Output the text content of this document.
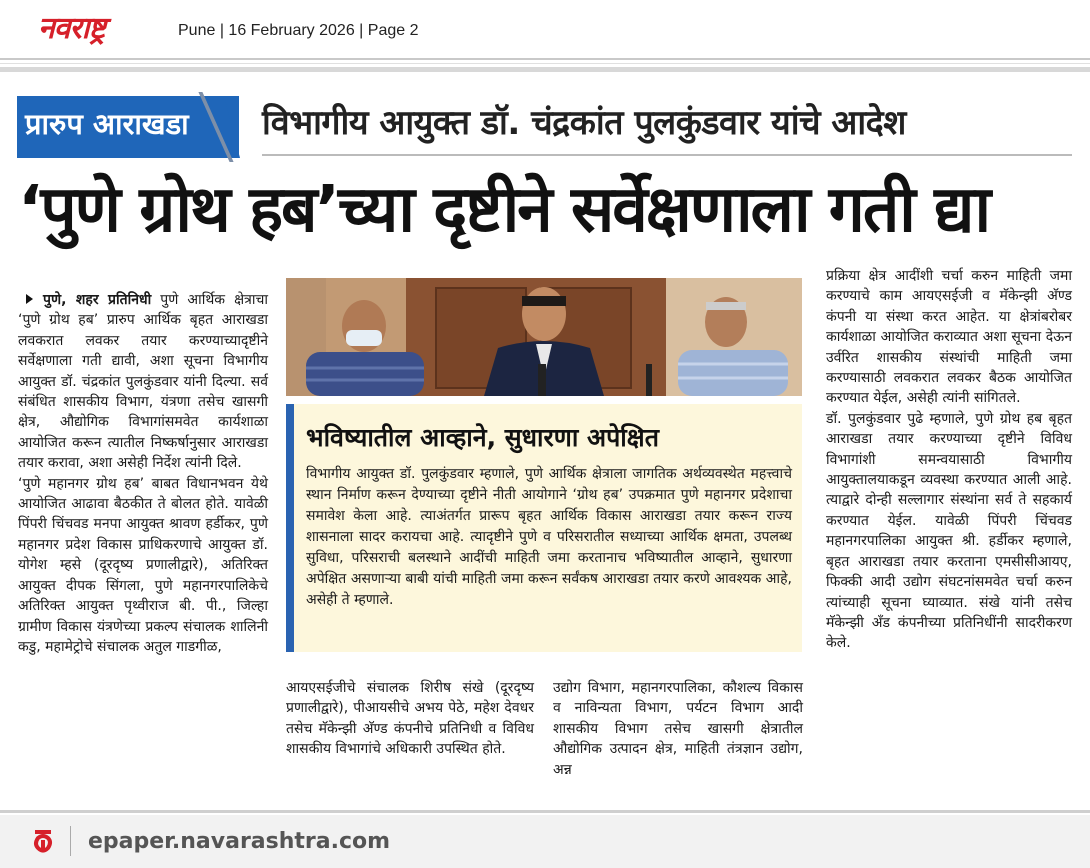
नवराष्ट्र	Pune | 16 February 2026 | Page 2
प्रारुप आराखडा विभागीय आयुक्त डॉ. चंद्रकांत पुलकुंडवार यांचे आदेश
‘पुणे ग्रोथ हब’च्या दृष्टीने सर्वेक्षणाला गती द्या

पुणे, शहर प्रतिनिधी पुणे आर्थिक क्षेत्राचा ‘पुणे ग्रोथ हब’ प्रारुप आर्थिक बृहत आराखडा लवकरात लवकर तयार करण्याच्यादृष्टीने सर्वेक्षणाला गती द्यावी, अशा सूचना विभागीय आयुक्त डॉ. चंद्रकांत पुलकुंडवार यांनी दिल्या. सर्व संबंधित शासकीय विभाग, यंत्रणा तसेच खासगी क्षेत्र, औद्योगिक विभागांसमवेत कार्यशाळा आयोजित करून त्यातील निष्कर्षानुसार आराखडा तयार करावा, अशा असेही निर्देश त्यांनी दिले.

‘पुणे महानगर ग्रोथ हब’ बाबत विधानभवन येथे आयोजित आढावा बैठकीत ते बोलत होते. यावेळी पिंपरी चिंचवड मनपा आयुक्त श्रावण हर्डीकर, पुणे महानगर प्रदेश विकास प्राधिकरणाचे आयुक्त डॉ. योगेश म्हसे (दूरदृष्य प्रणालीद्वारे), अतिरिक्त आयुक्त दीपक सिंगला, पुणे महानगरपालिकेचे अतिरिक्त आयुक्त पृथ्वीराज बी. पी., जिल्हा ग्रामीण विकास यंत्रणेच्या प्रकल्प संचालक शालिनी कडु, महामेट्रोचे संचालक अतुल गाडगीळ,

भविष्यातील आव्हाने, सुधारणा अपेक्षित
विभागीय आयुक्त डॉ. पुलकुंडवार म्हणाले, पुणे आर्थिक क्षेत्राला जागतिक अर्थव्यवस्थेत महत्त्वाचे स्थान निर्माण करून देण्याच्या दृष्टीने नीती आयोगाने ‘ग्रोथ हब’ उपक्रमात पुणे महानगर प्रदेशाचा समावेश केला आहे. त्याअंतर्गत प्रारूप बृहत आर्थिक विकास आराखडा तयार करून राज्य शासनाला सादर करायचा आहे. त्यादृष्टीने पुणे व परिसरातील सध्याच्या आर्थिक क्षमता, उपलब्ध सुविधा, परिसराची बलस्थाने आदींची माहिती जमा करतानाच भविष्यातील आव्हाने, सुधारणा अपेक्षित असणाऱ्या बाबी यांची माहिती जमा करून सर्वंकष आराखडा तयार करणे आवश्यक आहे, असेही ते म्हणाले.

आयएसईजीचे संचालक शिरीष संखे (दूरदृष्य प्रणालीद्वारे), पीआयसीचे अभय पेठे, महेश देवधर तसेच मॅकेन्झी अ‍ॅण्ड कंपनीचे प्रतिनिधी व विविध शासकीय विभागांचे अधिकारी उपस्थित होते.

उद्योग विभाग, महानगरपालिका, कौशल्य विकास व नाविन्यता विभाग, पर्यटन विभाग आदी शासकीय विभाग तसेच खासगी क्षेत्रातील औद्योगिक उत्पादन क्षेत्र, माहिती तंत्रज्ञान उद्योग, अन्न

प्रक्रिया क्षेत्र आदींशी चर्चा करुन माहिती जमा करण्याचे काम आयएसईजी व मॅकेन्झी अ‍ॅण्ड कंपनी या संस्था करत आहेत. या क्षेत्रांबरोबर कार्यशाळा आयोजित कराव्यात अशा सूचना देऊन उर्वरित शासकीय संस्थांची माहिती जमा करण्यासाठी लवकरात लवकर बैठक आयोजित करण्यात येईल, असेही त्यांनी सांगितले.

डॉ. पुलकुंडवार पुढे म्हणाले, पुणे ग्रोथ हब बृहत आराखडा तयार करण्याच्या दृष्टीने विविध विभागांशी समन्वयासाठी विभागीय आयुक्तालयाकडून व्यवस्था करण्यात आली आहे. त्याद्वारे दोन्ही सल्लागार संस्थांना सर्व ते सहकार्य करण्यात येईल. यावेळी पिंपरी चिंचवड महानगरपालिका आयुक्त श्री. हर्डीकर म्हणाले, बृहत आराखडा तयार करताना एमसीसीआयए, फिक्की आदी उद्योग संघटनांसमवेत चर्चा करुन त्यांच्याही सूचना घ्याव्यात. संखे यांनी तसेच मॅकेन्झी अँड कंपनीच्या प्रतिनिधींनी सादरीकरण केले.

epaper.navarashtra.com
